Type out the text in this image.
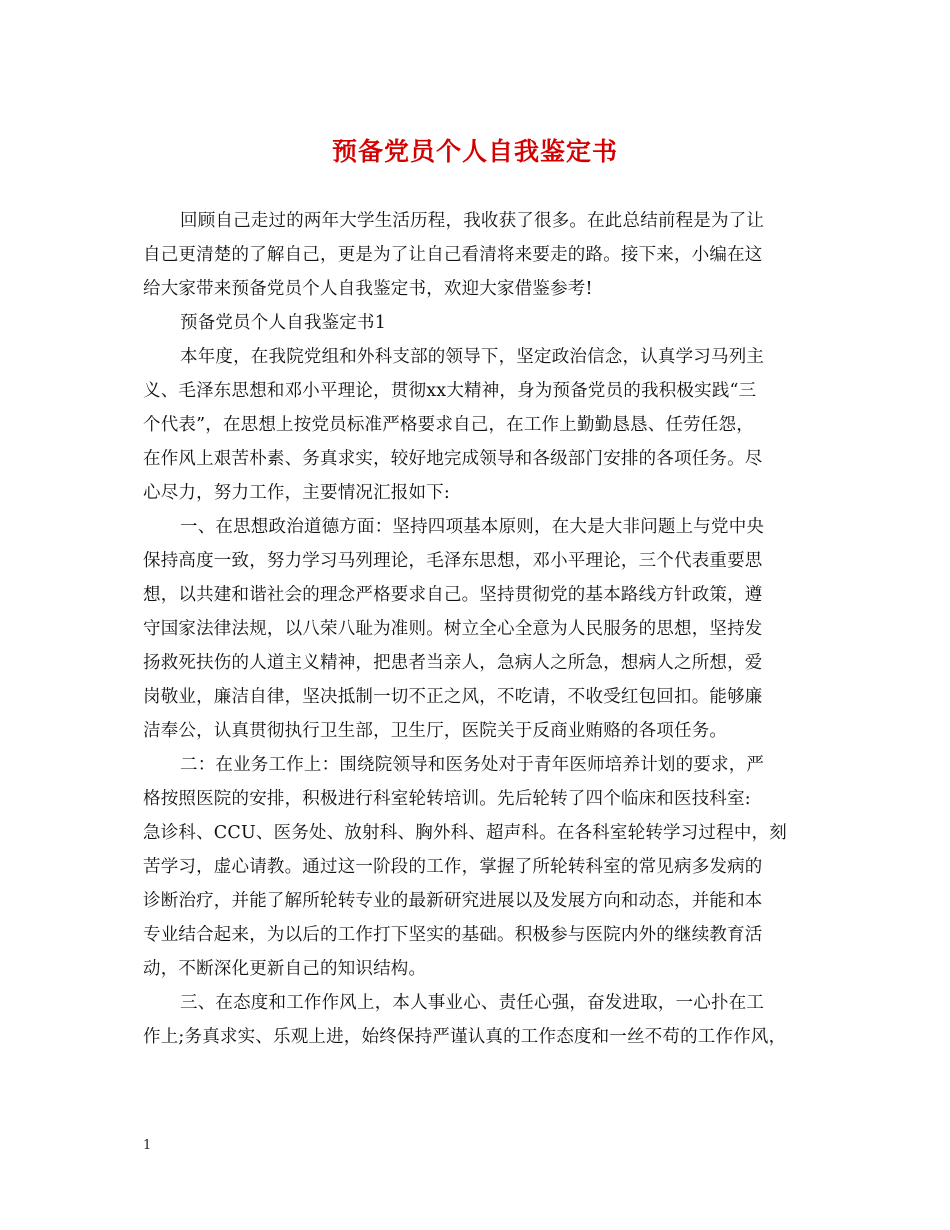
预备党员个人自我鉴定书
回顾自己走过的两年大学生活历程，我收获了很多。在此总结前程是为了让
自己更清楚的了解自己，更是为了让自己看清将来要走的路。接下来，小编在这
给大家带来预备党员个人自我鉴定书，欢迎大家借鉴参考!
预备党员个人自我鉴定书1
本年度，在我院党组和外科支部的领导下，坚定政治信念，认真学习马列主
义、毛泽东思想和邓小平理论，贯彻xx大精神，身为预备党员的我积极实践“三
个代表”，在思想上按党员标准严格要求自己，在工作上勤勤恳恳、任劳任怨，
在作风上艰苦朴素、务真求实，较好地完成领导和各级部门安排的各项任务。尽
心尽力，努力工作，主要情况汇报如下:
一、在思想政治道德方面：坚持四项基本原则，在大是大非问题上与党中央
保持高度一致，努力学习马列理论，毛泽东思想，邓小平理论，三个代表重要思
想，以共建和谐社会的理念严格要求自己。坚持贯彻党的基本路线方针政策，遵
守国家法律法规，以八荣八耻为准则。树立全心全意为人民服务的思想，坚持发
扬救死扶伤的人道主义精神，把患者当亲人，急病人之所急，想病人之所想，爱
岗敬业，廉洁自律，坚决抵制一切不正之风，不吃请，不收受红包回扣。能够廉
洁奉公，认真贯彻执行卫生部，卫生厅，医院关于反商业贿赂的各项任务。
二：在业务工作上：围绕院领导和医务处对于青年医师培养计划的要求，严
格按照医院的安排，积极进行科室轮转培训。先后轮转了四个临床和医技科室:
急诊科、CCU、医务处、放射科、胸外科、超声科。在各科室轮转学习过程中，刻
苦学习，虚心请教。通过这一阶段的工作，掌握了所轮转科室的常见病多发病的
诊断治疗，并能了解所轮转专业的最新研究进展以及发展方向和动态，并能和本
专业结合起来，为以后的工作打下坚实的基础。积极参与医院内外的继续教育活
动，不断深化更新自己的知识结构。
三、在态度和工作作风上，本人事业心、责任心强，奋发进取，一心扑在工
作上;务真求实、乐观上进，始终保持严谨认真的工作态度和一丝不苟的工作作风，
1
